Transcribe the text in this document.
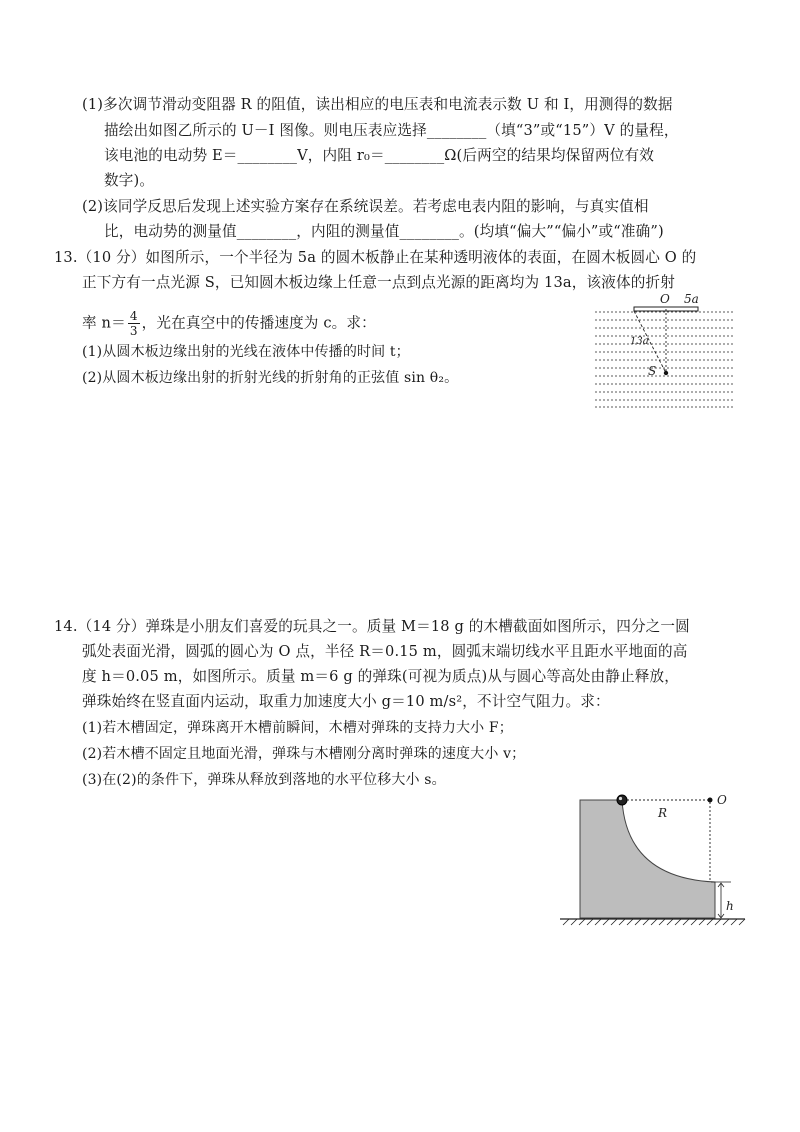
(1)多次调节滑动变阻器 R 的阻值，读出相应的电压表和电流表示数 U 和 I，用测得的数据
描绘出如图乙所示的 U－I 图像。则电压表应选择________（填“3”或“15”）V 的量程，
该电池的电动势 E＝________V，内阻 r₀＝________Ω(后两空的结果均保留两位有效
数字)。
(2)该同学反思后发现上述实验方案存在系统误差。若考虑电表内阻的影响，与真实值相
比，电动势的测量值________，内阻的测量值________。(均填“偏大”“偏小”或“准确”)
13.（10 分）如图所示，一个半径为 5a 的圆木板静止在某种透明液体的表面，在圆木板圆心 O 的
正下方有一点光源 S，已知圆木板边缘上任意一点到点光源的距离均为 13a，该液体的折射
率 $n= \frac{4}{3}$ ，光在真空中的传播速度为 c。求：
(1)从圆木板边缘出射的光线在液体中传播的时间 t；
(2)从圆木板边缘出射的折射光线的折射角的正弦值 sin θ₂。
O 5a
13a
S
14.（14 分）弹珠是小朋友们喜爱的玩具之一。质量 M＝18 g 的木槽截面如图所示，四分之一圆
弧处表面光滑，圆弧的圆心为 O 点，半径 R＝0.15 m，圆弧末端切线水平且距水平地面的高
度 h＝0.05 m，如图所示。质量 m＝6 g 的弹珠(可视为质点)从与圆心等高处由静止释放，
弹珠始终在竖直面内运动，取重力加速度大小 g＝10 m/s²，不计空气阻力。求：
(1)若木槽固定，弹珠离开木槽前瞬间，木槽对弹珠的支持力大小 F；
(2)若木槽不固定且地面光滑，弹珠与木槽刚分离时弹珠的速度大小 v；
(3)在(2)的条件下，弹珠从释放到落地的水平位移大小 s。
O
R
h
